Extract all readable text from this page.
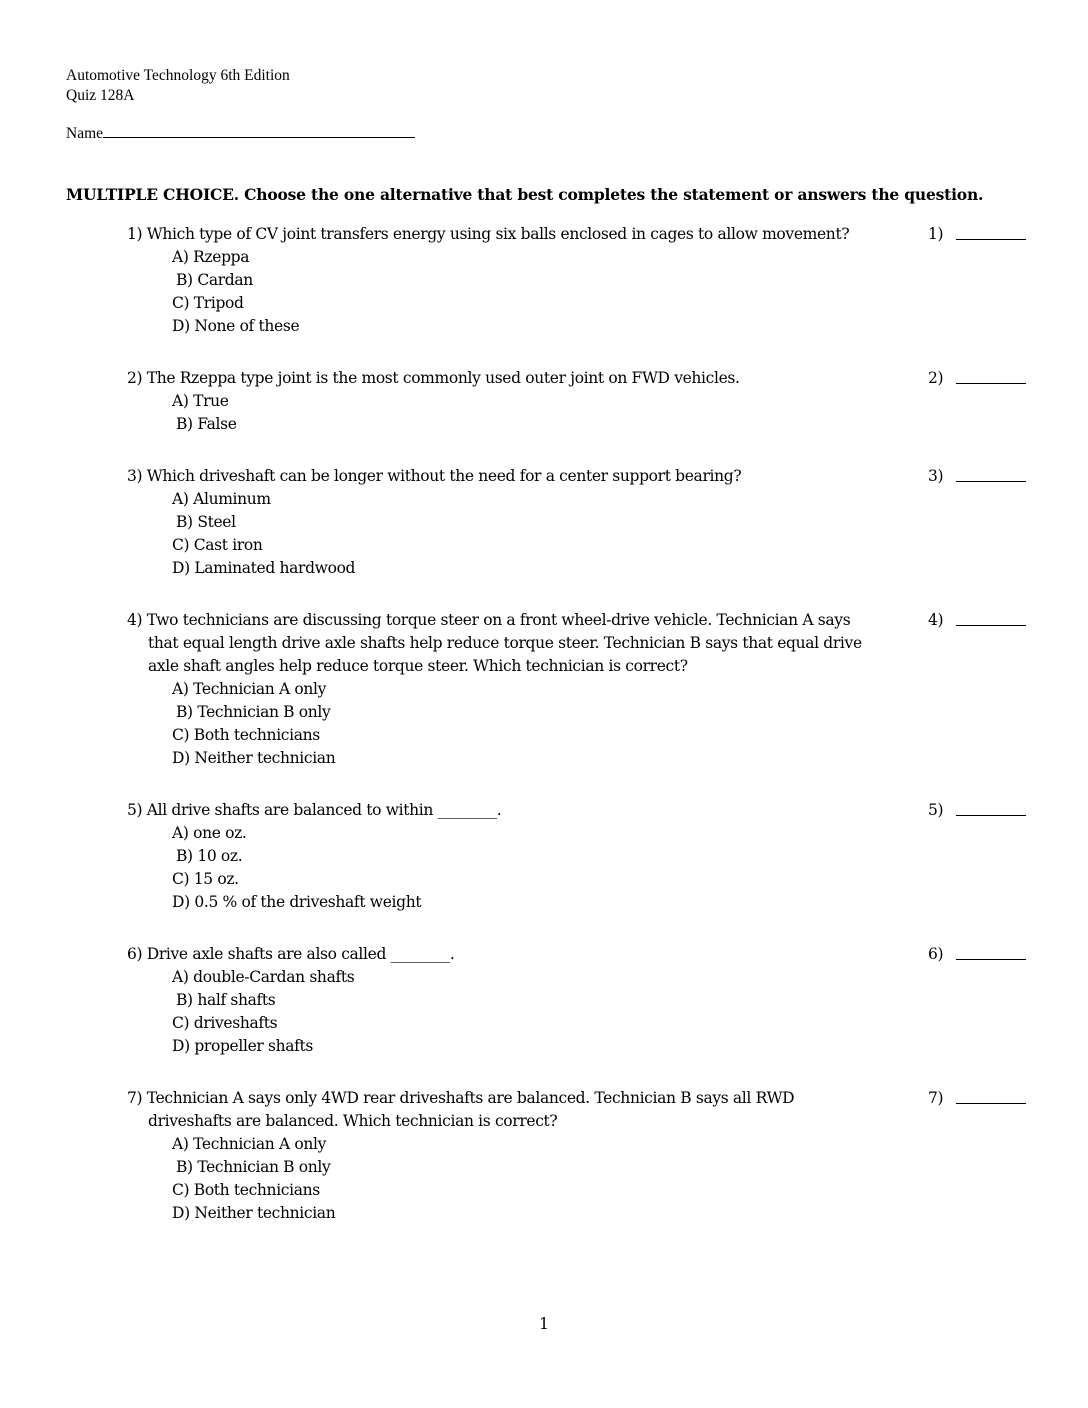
Automotive Technology 6th Edition
Quiz 128A
Name
MULTIPLE CHOICE. Choose the one alternative that best completes the statement or answers the question.
1) Which type of CV joint transfers energy using six balls enclosed in cages to allow movement?
A) Rzeppa
B) Cardan
C) Tripod
D) None of these
1)
2) The Rzeppa type joint is the most commonly used outer joint on FWD vehicles.
A) True
B) False
2)
3) Which driveshaft can be longer without the need for a center support bearing?
A) Aluminum
B) Steel
C) Cast iron
D) Laminated hardwood
3)
4) Two technicians are discussing torque steer on a front wheel-drive vehicle. Technician A says
that equal length drive axle shafts help reduce torque steer. Technician B says that equal drive
axle shaft angles help reduce torque steer. Which technician is correct?
A) Technician A only
B) Technician B only
C) Both technicians
D) Neither technician
4)
5) All drive shafts are balanced to within ________.
A) one oz.
B) 10 oz.
C) 15 oz.
D) 0.5 % of the driveshaft weight
5)
6) Drive axle shafts are also called ________.
A) double-Cardan shafts
B) half shafts
C) driveshafts
D) propeller shafts
6)
7) Technician A says only 4WD rear driveshafts are balanced. Technician B says all RWD
driveshafts are balanced. Which technician is correct?
A) Technician A only
B) Technician B only
C) Both technicians
D) Neither technician
7)
1
